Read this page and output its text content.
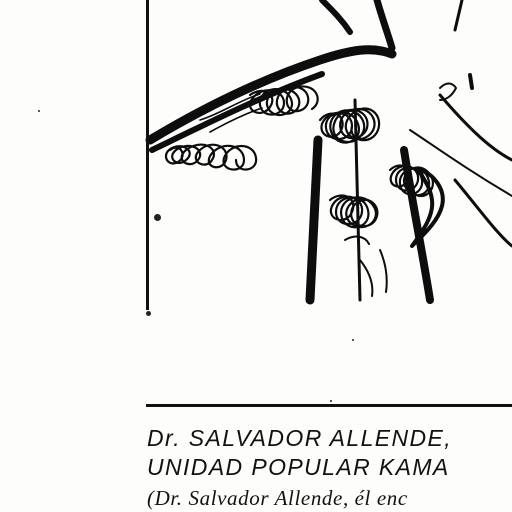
Dr. SALVADOR ALLENDE,
UNIDAD POPULAR KAMA
(Dr. Salvador Allende, él enc
